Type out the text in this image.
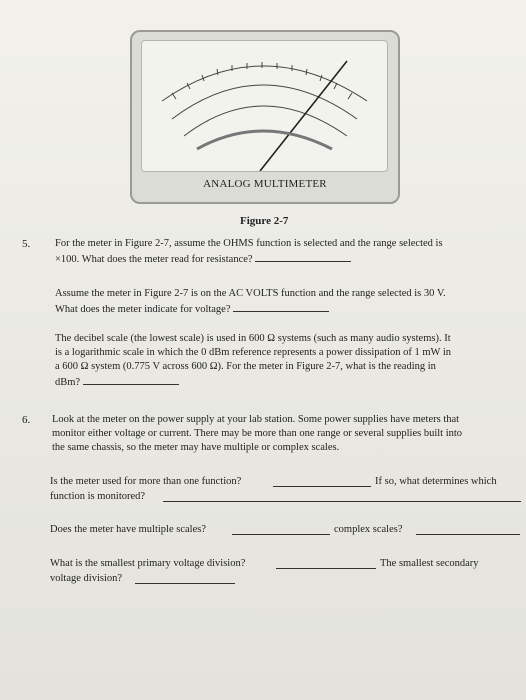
ANALOG MULTIMETER
Figure 2-7
5. For the meter in Figure 2-7, assume the OHMS function is selected and the range selected is
×100. What does the meter read for resistance?
Assume the meter in Figure 2-7 is on the AC VOLTS function and the range selected is 30 V.
What does the meter indicate for voltage?
The decibel scale (the lowest scale) is used in 600 Ω systems (such as many audio systems). It
is a logarithmic scale in which the 0 dBm reference represents a power dissipation of 1 mW in
a 600 Ω system (0.775 V across 600 Ω). For the meter in Figure 2-7, what is the reading in
dBm?
6. Look at the meter on the power supply at your lab station. Some power supplies have meters that
monitor either voltage or current. There may be more than one range or several supplies built into
the same chassis, so the meter may have multiple or complex scales.
Is the meter used for more than one function?	If so, what determines which
function is monitored?
Does the meter have multiple scales?	complex scales?
What is the smallest primary voltage division?	The smallest secondary
voltage division?
